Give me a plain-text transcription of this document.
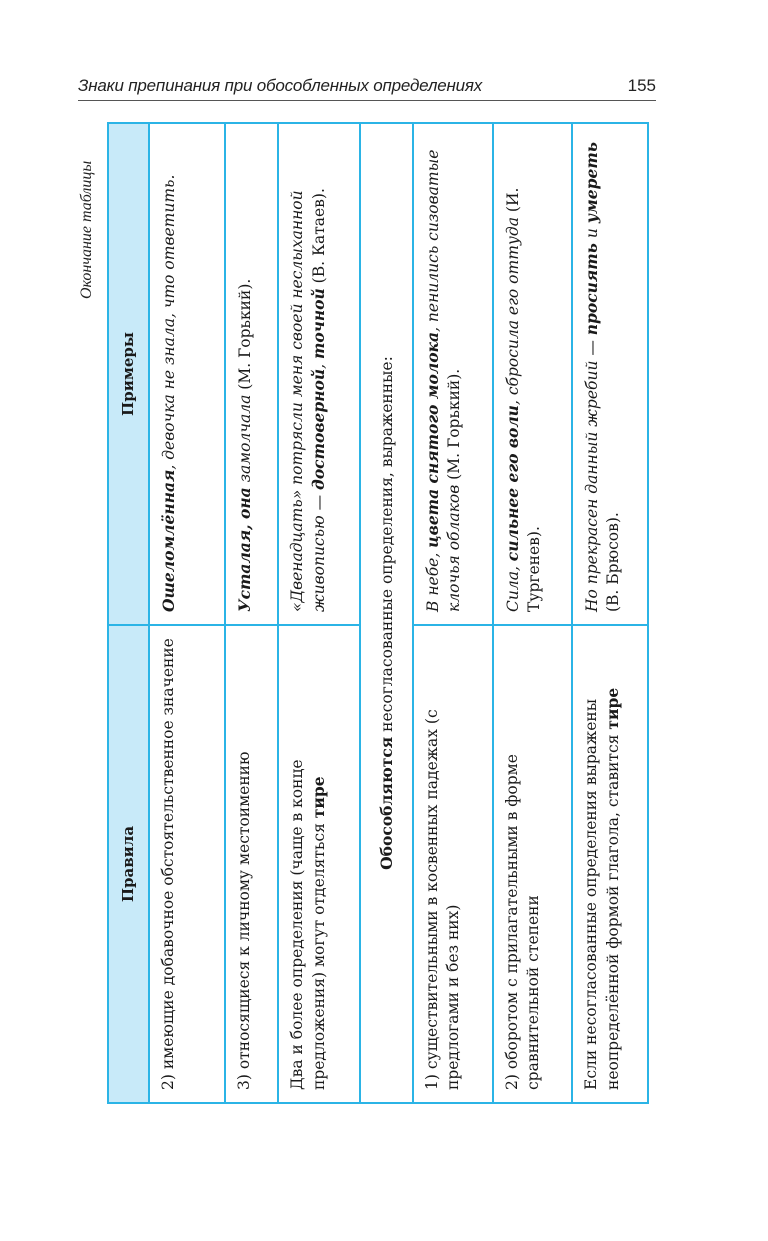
Знаки препинания при обособленных определениях	155
Окончание таблицы
Правила	Примеры
2) имеющие добавочное обстоятельственное значение	Ошеломлённая, девочка не знала, что ответить.
3) относящиеся к личному местоимению	Усталая, она замолчала (М. Горький).
Два и более определения (чаще в конце предложения) могут отделяться тире	«Двенадцать» потрясли меня своей неслыханной живописью — достоверной, точной (В. Катаев).
Обособляются несогласованные определения, выраженные:	
1) существительными в косвенных падежах (с предлогами и без них)	В небе, цвета снятого молока, пенились сизоватые клочья облаков (М. Горький).
2) оборотом с прилагательными в форме сравнительной степени	Сила, сильнее его воли, сбросила его оттуда (И. Тургенев).
Если несогласованные определения выражены неопределённой формой глагола, ставится тире	Но прекрасен данный жребий — просиять и умереть (В. Брюсов).
